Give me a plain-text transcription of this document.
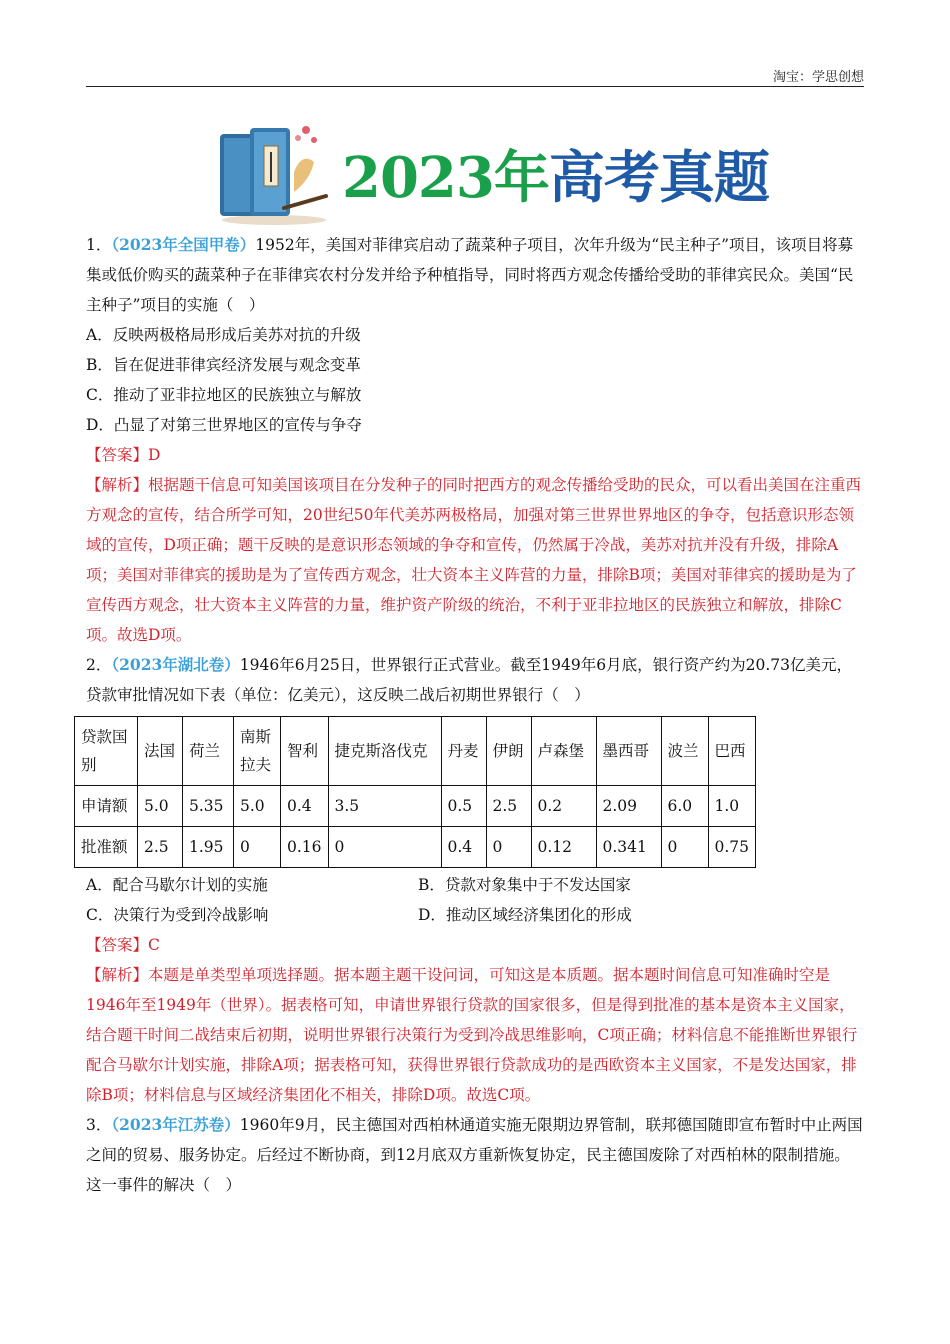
淘宝：学思创想
2023年高考真题

1．（2023年全国甲卷）1952年，美国对菲律宾启动了蔬菜种子项目，次年升级为“民主种子”项目，该项目将募集或低价购买的蔬菜种子在菲律宾农村分发并给予种植指导，同时将西方观念传播给受助的菲律宾民众。美国“民主种子”项目的实施（　）

A．反映两极格局形成后美苏对抗的升级

B．旨在促进菲律宾经济发展与观念变革

C．推动了亚非拉地区的民族独立与解放

D．凸显了对第三世界地区的宣传与争夺

【答案】D

【解析】根据题干信息可知美国该项目在分发种子的同时把西方的观念传播给受助的民众，可以看出美国在注重西方观念的宣传，结合所学可知，20世纪50年代美苏两极格局，加强对第三世界世界地区的争夺，包括意识形态领域的宣传，D项正确；题干反映的是意识形态领域的争夺和宣传，仍然属于冷战，美苏对抗并没有升级，排除A项；美国对菲律宾的援助是为了宣传西方观念，壮大资本主义阵营的力量，排除B项；美国对菲律宾的援助是为了宣传西方观念，壮大资本主义阵营的力量，维护资产阶级的统治，不利于亚非拉地区的民族独立和解放，排除C项。故选D项。

2．（2023年湖北卷）1946年6月25日，世界银行正式营业。截至1949年6月底，银行资产约为20.73亿美元，贷款审批情况如下表（单位：亿美元），这反映二战后初期世界银行（　）

贷款国别	法国	荷兰	南斯拉夫	智利	捷克斯洛伐克	丹麦	伊朗	卢森堡	墨西哥	波兰	巴西
申请额	5.0	5.35	5.0	0.4	3.5	0.5	2.5	0.2	2.09	6.0	1.0
批准额	2.5	1.95	0	0.16	0	0.4	0	0.12	0.341	0	0.75
A．配合马歇尔计划的实施	B．贷款对象集中于不发达国家
C．决策行为受到冷战影响	D．推动区域经济集团化的形成

【答案】C

【解析】本题是单类型单项选择题。据本题主题干设问词，可知这是本质题。据本题时间信息可知准确时空是1946年至1949年（世界）。据表格可知，申请世界银行贷款的国家很多，但是得到批准的基本是资本主义国家，结合题干时间二战结束后初期，说明世界银行决策行为受到冷战思维影响，C项正确；材料信息不能推断世界银行配合马歇尔计划实施，排除A项；据表格可知，获得世界银行贷款成功的是西欧资本主义国家，不是发达国家，排除B项；材料信息与区域经济集团化不相关，排除D项。故选C项。

3．（2023年江苏卷）1960年9月，民主德国对西柏林通道实施无限期边界管制，联邦德国随即宣布暂时中止两国之间的贸易、服务协定。后经过不断协商，到12月底双方重新恢复协定，民主德国废除了对西柏林的限制措施。这一事件的解决（　）
